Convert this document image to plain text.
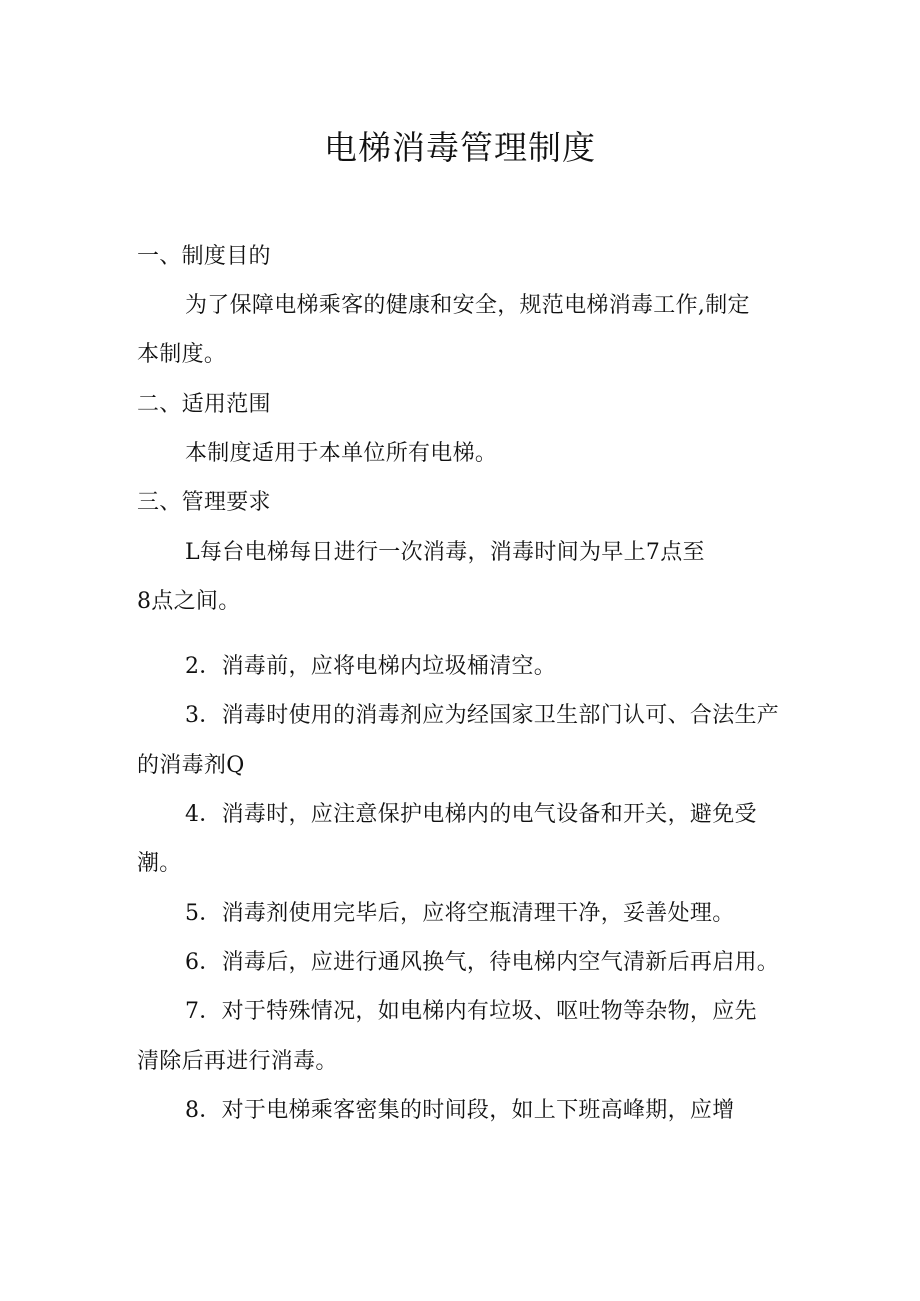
电梯消毒管理制度
一、制度目的
为了保障电梯乘客的健康和安全，规范电梯消毒工作,制定
本制度。
二、适用范围
本制度适用于本单位所有电梯。
三、管理要求
L每台电梯每日进行一次消毒，消毒时间为早上7点至
8点之间。
2．消毒前，应将电梯内垃圾桶清空。
3．消毒时使用的消毒剂应为经国家卫生部门认可、合法生产
的消毒剂Q
4．消毒时，应注意保护电梯内的电气设备和开关，避免受
潮。
5．消毒剂使用完毕后，应将空瓶清理干净，妥善处理。
6．消毒后，应进行通风换气，待电梯内空气清新后再启用。
7．对于特殊情况，如电梯内有垃圾、呕吐物等杂物，应先
清除后再进行消毒。
8．对于电梯乘客密集的时间段，如上下班高峰期，应增
